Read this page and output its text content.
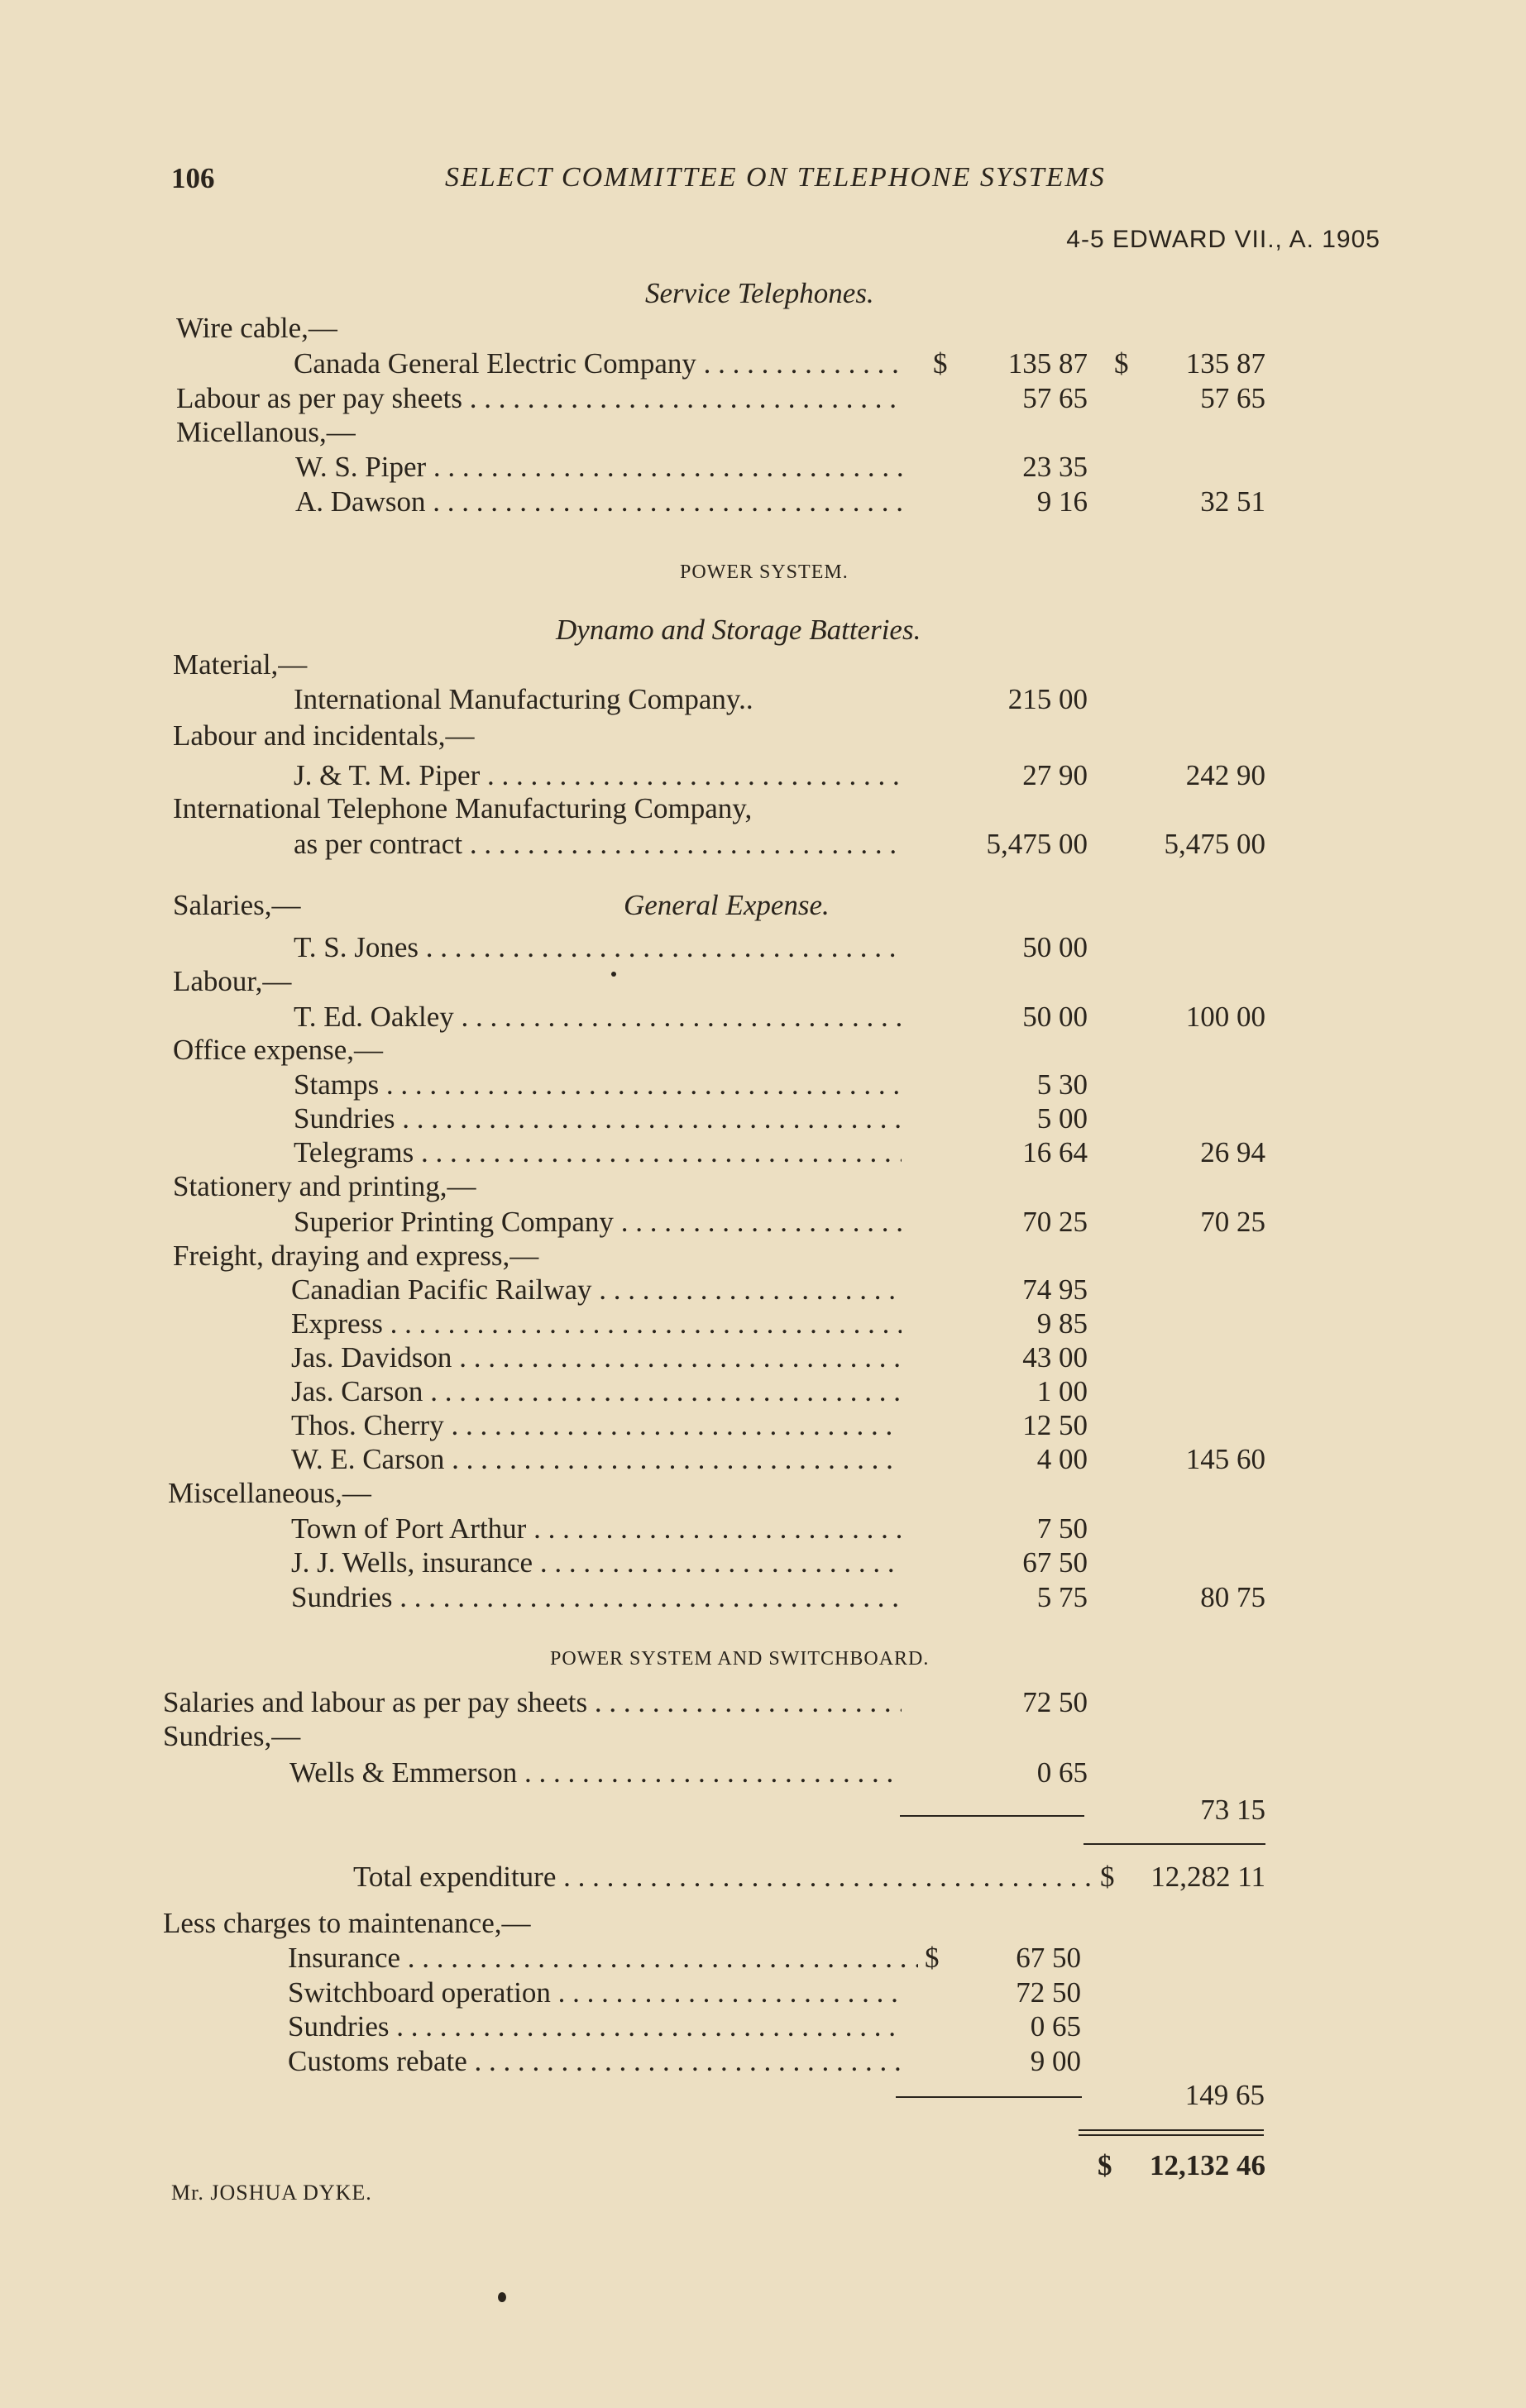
106	SELECT COMMITTEE ON TELEPHONE SYSTEMS
4-5 EDWARD VII., A. 1905
Service Telephones.
Wire cable,—
Canada General Electric Company . . .	$ 135 87 $ 135 87
Labour as per pay sheets . . .	57 65	57 65
Micellanous,—
W. S. Piper . . .	23 35
A. Dawson . . .	9 16	32 51
POWER SYSTEM.
Dynamo and Storage Batteries.
Material,—
International Manufacturing Company..	215 00
Labour and incidentals,—
J. & T. M. Piper . . .	27 90	242 90
International Telephone Manufacturing Company,
as per contract . . .	5,475 00	5,475 00
Salaries,—	General Expense.
T. S. Jones . . .	50 00
Labour,—
T. Ed. Oakley . . .	50 00	100 00
Office expense,—
Stamps . . .	5 30
Sundries . . .	5 00
Telegrams . . .	16 64	26 94
Stationery and printing,—
Superior Printing Company . . .	70 25	70 25
Freight, draying and express,—
Canadian Pacific Railway . . .	74 95
Express . . .	9 85
Jas. Davidson . . .	43 00
Jas. Carson . . .	1 00
Thos. Cherry . . .	12 50
W. E. Carson . . .	4 00	145 60
Miscellaneous,—
Town of Port Arthur . . .	7 50
J. J. Wells, insurance . . .	67 50
Sundries . . .	5 75	80 75
POWER SYSTEM AND SWITCHBOARD.
Salaries and labour as per pay sheets . . .	72 50
Sundries,—
Wells & Emmerson . . .	0 65
73 15
Total expenditure . . .	$ 12,282 11
Less charges to maintenance,—
Insurance . . .	$	67 50
Switchboard operation . . .	72 50
Sundries . . .	0 65
Customs rebate . . .	9 00
149 65
$ 12,132 46
Mr. JOSHUA DYKE.
